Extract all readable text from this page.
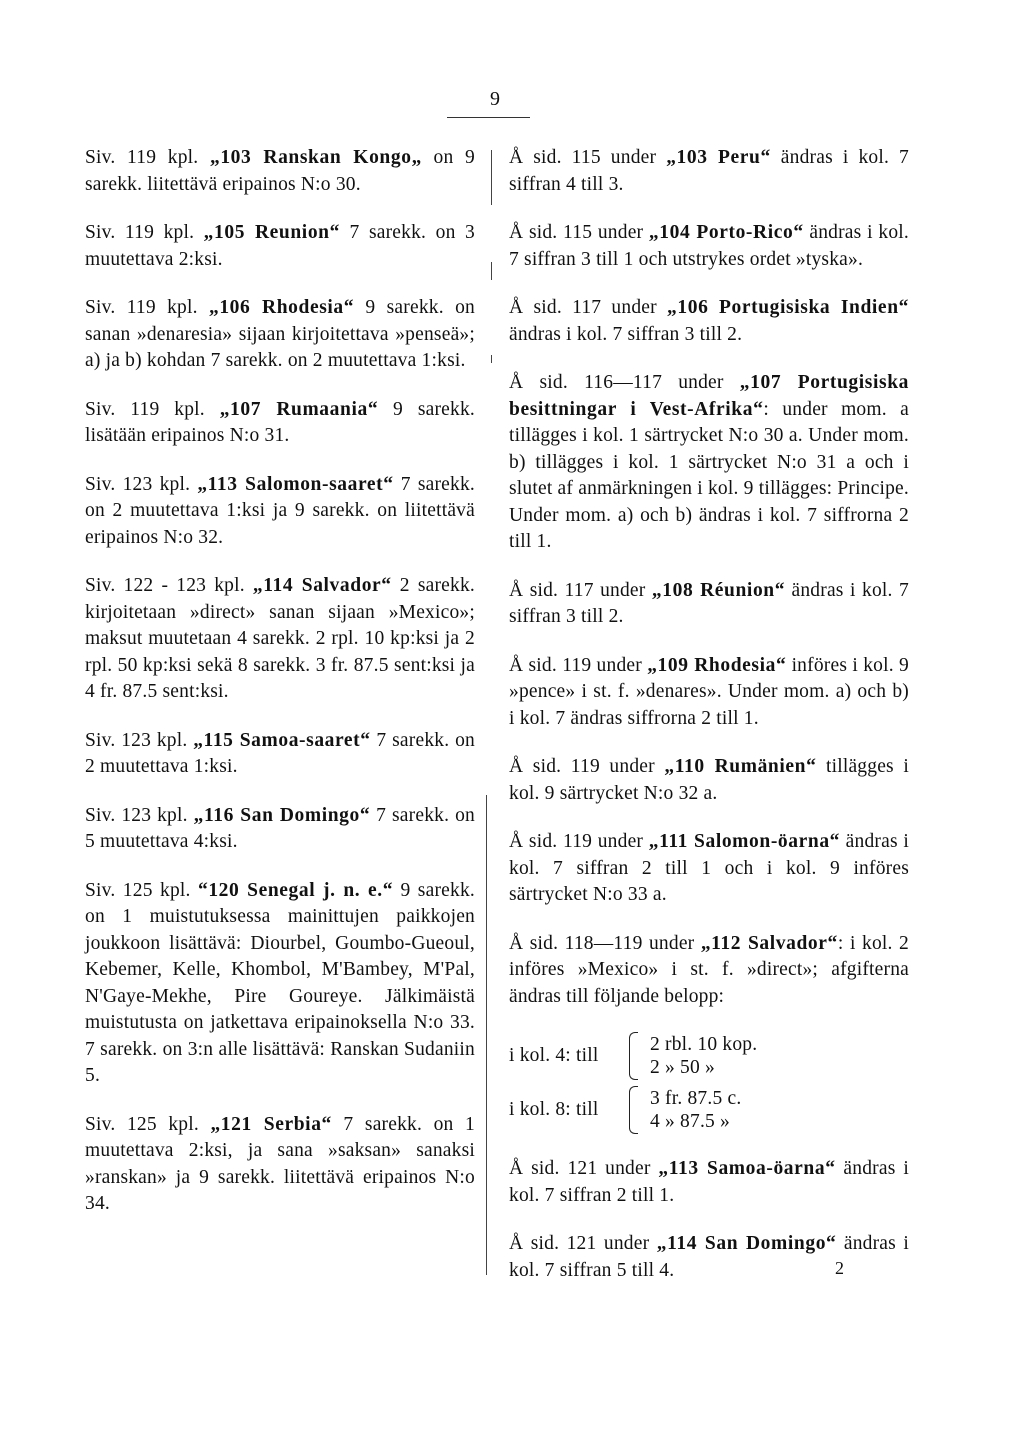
9

Siv. 119 kpl. „103 Ranskan Kongo„ on 9 sarekk. liitettävä eripainos N:o 30.

Siv. 119 kpl. „105 Reunion“ 7 sarekk. on 3 muutettava 2:ksi.

Siv. 119 kpl. „106 Rhodesia“ 9 sarekk. on sanan »denaresia» sijaan kirjoitettava »penseä»; a) ja b) kohdan 7 sarekk. on 2 muutettava 1:ksi.

Siv. 119 kpl. „107 Rumaania“ 9 sarekk. lisätään eripainos N:o 31.

Siv. 123 kpl. „113 Salomon-saaret“ 7 sarekk. on 2 muutettava 1:ksi ja 9 sarekk. on liitettävä eripainos N:o 32.

Siv. 122 - 123 kpl. „114 Salvador“ 2 sarekk. kirjoitetaan »direct» sanan sijaan »Mexico»; maksut muutetaan 4 sarekk. 2 rpl. 10 kp:ksi ja 2 rpl. 50 kp:ksi sekä 8 sarekk. 3 fr. 87.5 sent:ksi ja 4 fr. 87.5 sent:ksi.

Siv. 123 kpl. „115 Samoa-saaret“ 7 sarekk. on 2 muutettava 1:ksi.

Siv. 123 kpl. „116 San Domingo“ 7 sarekk. on 5 muutettava 4:ksi.

Siv. 125 kpl. “120 Senegal j. n. e.“ 9 sarekk. on 1 muistutuksessa mainittujen paikkojen joukkoon lisättävä: Diourbel, Goumbo-Gueoul, Kebemer, Kelle, Khombol, M'Bambey, M'Pal, N'Gaye-Mekhe, Pire Goureye. Jälkimäistä muistutusta on jatkettava eripainoksella N:o 33. 7 sarekk. on 3:n alle lisättävä: Ranskan Sudaniin 5.

Siv. 125 kpl. „121 Serbia“ 7 sarekk. on 1 muutettava 2:ksi, ja sana »saksan» sanaksi »ranskan» ja 9 sarekk. liitettävä eripainos N:o 34.

Å sid. 115 under „103 Peru“ ändras i kol. 7 siffran 4 till 3.

Å sid. 115 under „104 Porto-Rico“ ändras i kol. 7 siffran 3 till 1 och utstrykes ordet »tyska».

Å sid. 117 under „106 Portugisiska Indien“ ändras i kol. 7 siffran 3 till 2.

Å sid. 116—117 under „107 Portugisiska besittningar i Vest-Afrika“: under mom. a tillägges i kol. 1 särtrycket N:o 30 a. Under mom. b) tillägges i kol. 1 särtrycket N:o 31 a och i slutet af anmärkningen i kol. 9 tillägges: Principe. Under mom. a) och b) ändras i kol. 7 siffrorna 2 till 1.

Å sid. 117 under „108 Réunion“ ändras i kol. 7 siffran 3 till 2.

Å sid. 119 under „109 Rhodesia“ införes i kol. 9 »pence» i st. f. »denares». Under mom. a) och b) i kol. 7 ändras siffrorna 2 till 1.

Å sid. 119 under „110 Rumänien“ tillägges i kol. 9 särtrycket N:o 32 a.

Å sid. 119 under „111 Salomon-öarna“ ändras i kol. 7 siffran 2 till 1 och i kol. 9 införes särtrycket N:o 33 a.

Å sid. 118—119 under „112 Salvador“: i kol. 2 införes »Mexico» i st. f. »direct»; afgifterna ändras till följande belopp:

i kol. 4: till
2 rbl. 10 kop.
2 » 50 »
i kol. 8: till
3 fr. 87.5 c.
4 » 87.5 »

Å sid. 121 under „113 Samoa-öarna“ ändras i kol. 7 siffran 2 till 1.

Å sid. 121 under „114 San Domingo“ ändras i kol. 7 siffran 5 till 4.	2
